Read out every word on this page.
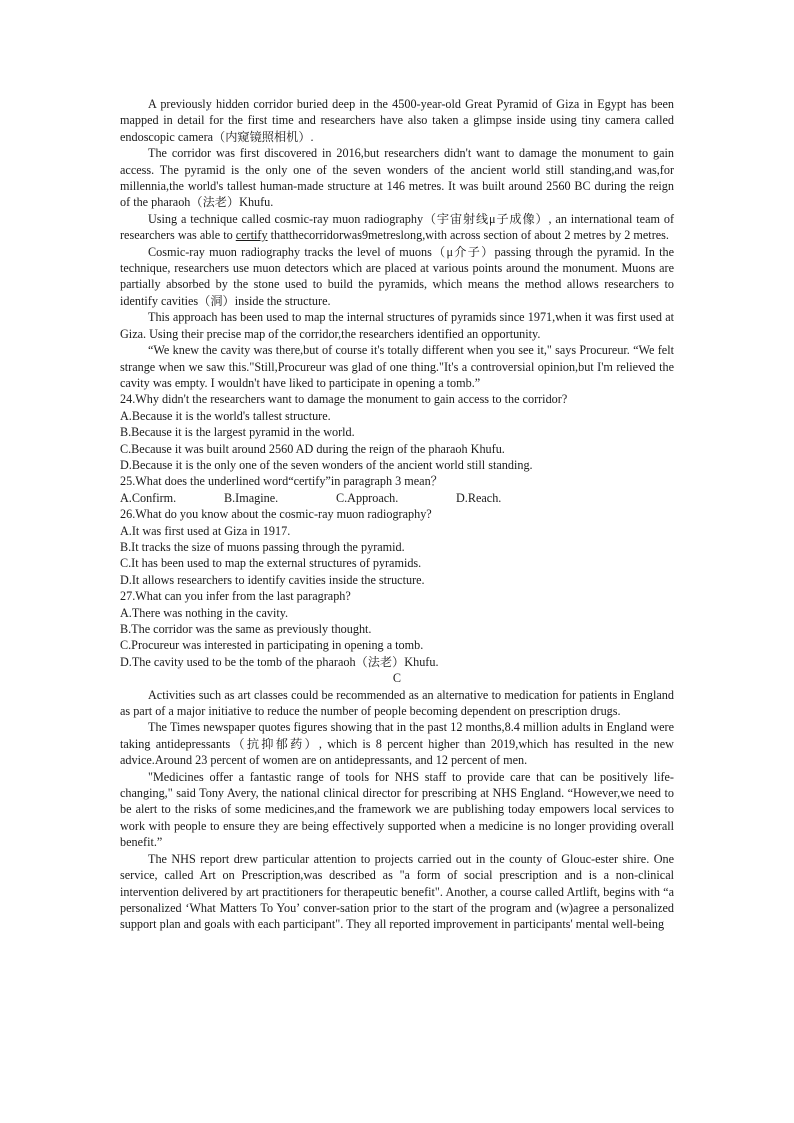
A previously hidden corridor buried deep in the 4500-year-old Great Pyramid of Giza in Egypt has been mapped in detail for the first time and researchers have also taken a glimpse inside using tiny camera called endoscopic camera（内窥镜照相机）.

The corridor was first discovered in 2016,but researchers didn't want to damage the monument to gain access. The pyramid is the only one of the seven wonders of the ancient world still standing,and was,for millennia,the world's tallest human-made structure at 146 metres. It was built around 2560 BC during the reign of the pharaoh（法老）Khufu.

Using a technique called cosmic-ray muon radiography（宇宙射线μ子成像）, an international team of researchers was able to certify thatthecorridorwas9metreslong,with across section of about 2 metres by 2 metres.

Cosmic-ray muon radiography tracks the level of muons（μ介子）passing through the pyramid. In the technique, researchers use muon detectors which are placed at various points around the monument. Muons are partially absorbed by the stone used to build the pyramids, which means the method allows researchers to identify cavities（洞）inside the structure.

This approach has been used to map the internal structures of pyramids since 1971,when it was first used at Giza. Using their precise map of the corridor,the researchers identified an opportunity.

“We knew the cavity was there,but of course it's totally different when you see it," says Procureur. “We felt strange when we saw this."Still,Procureur was glad of one thing."It's a controversial opinion,but I'm relieved the cavity was empty. I wouldn't have liked to participate in opening a tomb.”

24.Why didn't the researchers want to damage the monument to gain access to the corridor?

A.Because it is the world's tallest structure.

B.Because it is the largest pyramid in the world.

C.Because it was built around 2560 AD during the reign of the pharaoh Khufu.

D.Because it is the only one of the seven wonders of the ancient world still standing.

25.What does the underlined word“certify”in paragraph 3 mean？

A.Confirm.	B.Imagine.	C.Approach.	D.Reach.

26.What do you know about the cosmic-ray muon radiography?

A.It was first used at Giza in 1917.

B.It tracks the size of muons passing through the pyramid.

C.It has been used to map the external structures of pyramids.

D.It allows researchers to identify cavities inside the structure.

27.What can you infer from the last paragraph?

A.There was nothing in the cavity.

B.The corridor was the same as previously thought.

C.Procureur was interested in participating in opening a tomb.

D.The cavity used to be the tomb of the pharaoh（法老）Khufu.

C

Activities such as art classes could be recommended as an alternative to medication for patients in England as part of a major initiative to reduce the number of people becoming dependent on prescription drugs.

The Times newspaper quotes figures showing that in the past 12 months,8.4 million adults in England were taking antidepressants（抗抑郁药）, which is 8 percent higher than 2019,which has resulted in the new advice.Around 23 percent of women are on antidepressants, and 12 percent of men.

"Medicines offer a fantastic range of tools for NHS staff to provide care that can be positively life-changing," said Tony Avery, the national clinical director for prescribing at NHS England. “However,we need to be alert to the risks of some medicines,and the framework we are publishing today empowers local services to work with people to ensure they are being effectively supported when a medicine is no longer providing overall benefit.”

The NHS report drew particular attention to projects carried out in the county of Glouc-ester shire. One service, called Art on Prescription,was described as "a form of social prescription and is a non-clinical intervention delivered by art practitioners for therapeutic benefit". Another, a course called Artlift, begins with “a personalized ‘What Matters To You’ conver-sation prior to the start of the program and (w)agree a personalized support plan and goals with each participant". They all reported improvement in participants' mental well-being
